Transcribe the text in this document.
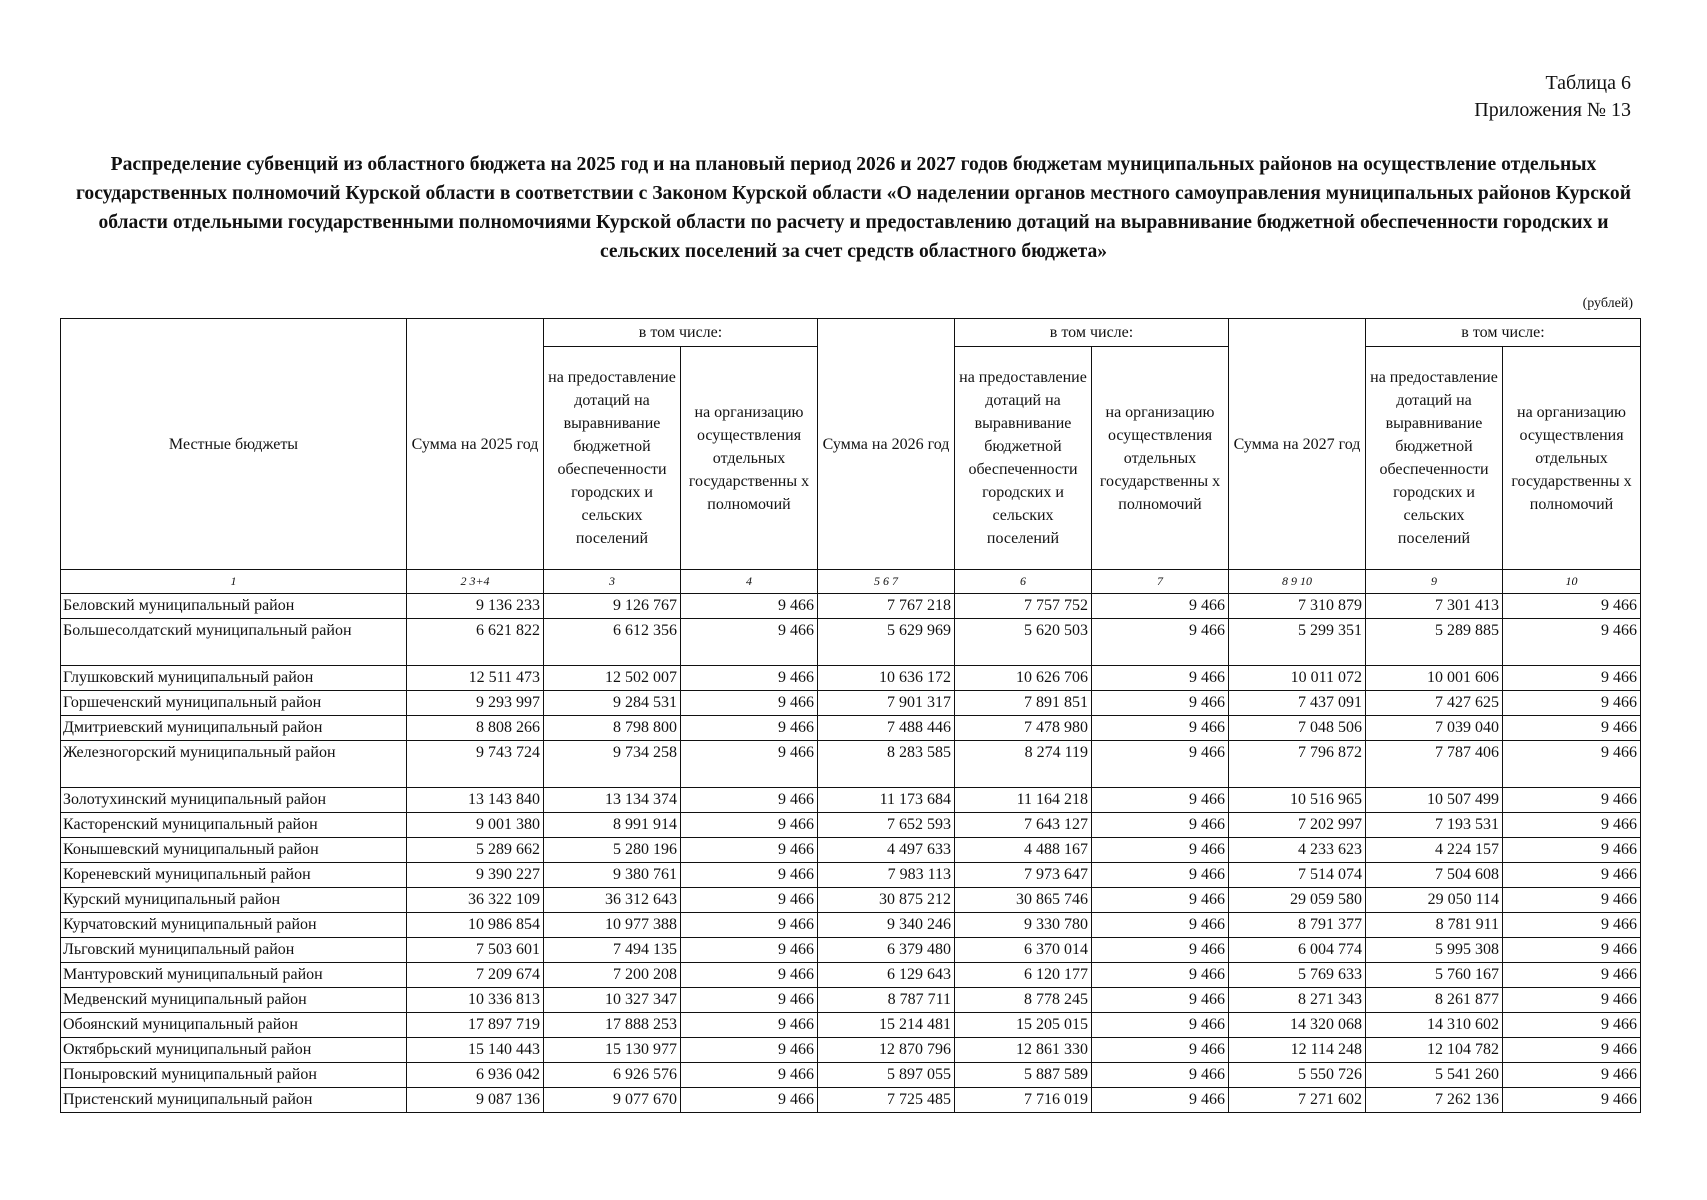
Таблица 6
Приложения № 13
Распределение субвенций из областного бюджета на 2025 год и на плановый период 2026 и 2027 годов бюджетам муниципальных районов на осуществление отдельных государственных полномочий Курской области в соответствии с Законом Курской области «О наделении органов местного самоуправления муниципальных районов Курской области отдельными государственными полномочиями Курской области по расчету и предоставлению дотаций на выравнивание бюджетной обеспеченности городских и сельских поселений за счет средств областного бюджета»
(рублей)
Местные бюджеты	Сумма на 2025 год	в том числе:		Сумма на 2026 год	в том числе:		Сумма на 2027 год	в том числе:	
		на предоставление дотаций на выравнивание бюджетной обеспеченности городских и сельских поселений	на организацию осуществления отдельных государственны х полномочий		на предоставление дотаций на выравнивание бюджетной обеспеченности городских и сельских поселений	на организацию осуществления отдельных государственны х полномочий		на предоставление дотаций на выравнивание бюджетной обеспеченности городских и сельских поселений	на организацию осуществления отдельных государственны х полномочий
1	2 3+4	3	4	5 6 7	6	7	8 9 10	9	10
Беловский муниципальный район	9 136 233	9 126 767	9 466	7 767 218	7 757 752	9 466	7 310 879	7 301 413	9 466
Большесолдатский муниципальный район	6 621 822	6 612 356	9 466	5 629 969	5 620 503	9 466	5 299 351	5 289 885	9 466
Глушковский муниципальный район	12 511 473	12 502 007	9 466	10 636 172	10 626 706	9 466	10 011 072	10 001 606	9 466
Горшеченский муниципальный район	9 293 997	9 284 531	9 466	7 901 317	7 891 851	9 466	7 437 091	7 427 625	9 466
Дмитриевский муниципальный район	8 808 266	8 798 800	9 466	7 488 446	7 478 980	9 466	7 048 506	7 039 040	9 466
Железногорский муниципальный район	9 743 724	9 734 258	9 466	8 283 585	8 274 119	9 466	7 796 872	7 787 406	9 466
Золотухинский муниципальный район	13 143 840	13 134 374	9 466	11 173 684	11 164 218	9 466	10 516 965	10 507 499	9 466
Касторенский муниципальный район	9 001 380	8 991 914	9 466	7 652 593	7 643 127	9 466	7 202 997	7 193 531	9 466
Конышевский муниципальный район	5 289 662	5 280 196	9 466	4 497 633	4 488 167	9 466	4 233 623	4 224 157	9 466
Кореневский муниципальный район	9 390 227	9 380 761	9 466	7 983 113	7 973 647	9 466	7 514 074	7 504 608	9 466
Курский муниципальный район	36 322 109	36 312 643	9 466	30 875 212	30 865 746	9 466	29 059 580	29 050 114	9 466
Курчатовский муниципальный район	10 986 854	10 977 388	9 466	9 340 246	9 330 780	9 466	8 791 377	8 781 911	9 466
Льговский муниципальный район	7 503 601	7 494 135	9 466	6 379 480	6 370 014	9 466	6 004 774	5 995 308	9 466
Мантуровский муниципальный район	7 209 674	7 200 208	9 466	6 129 643	6 120 177	9 466	5 769 633	5 760 167	9 466
Медвенский муниципальный район	10 336 813	10 327 347	9 466	8 787 711	8 778 245	9 466	8 271 343	8 261 877	9 466
Обоянский муниципальный район	17 897 719	17 888 253	9 466	15 214 481	15 205 015	9 466	14 320 068	14 310 602	9 466
Октябрьский муниципальный район	15 140 443	15 130 977	9 466	12 870 796	12 861 330	9 466	12 114 248	12 104 782	9 466
Поныровский муниципальный район	6 936 042	6 926 576	9 466	5 897 055	5 887 589	9 466	5 550 726	5 541 260	9 466
Пристенский муниципальный район	9 087 136	9 077 670	9 466	7 725 485	7 716 019	9 466	7 271 602	7 262 136	9 466
